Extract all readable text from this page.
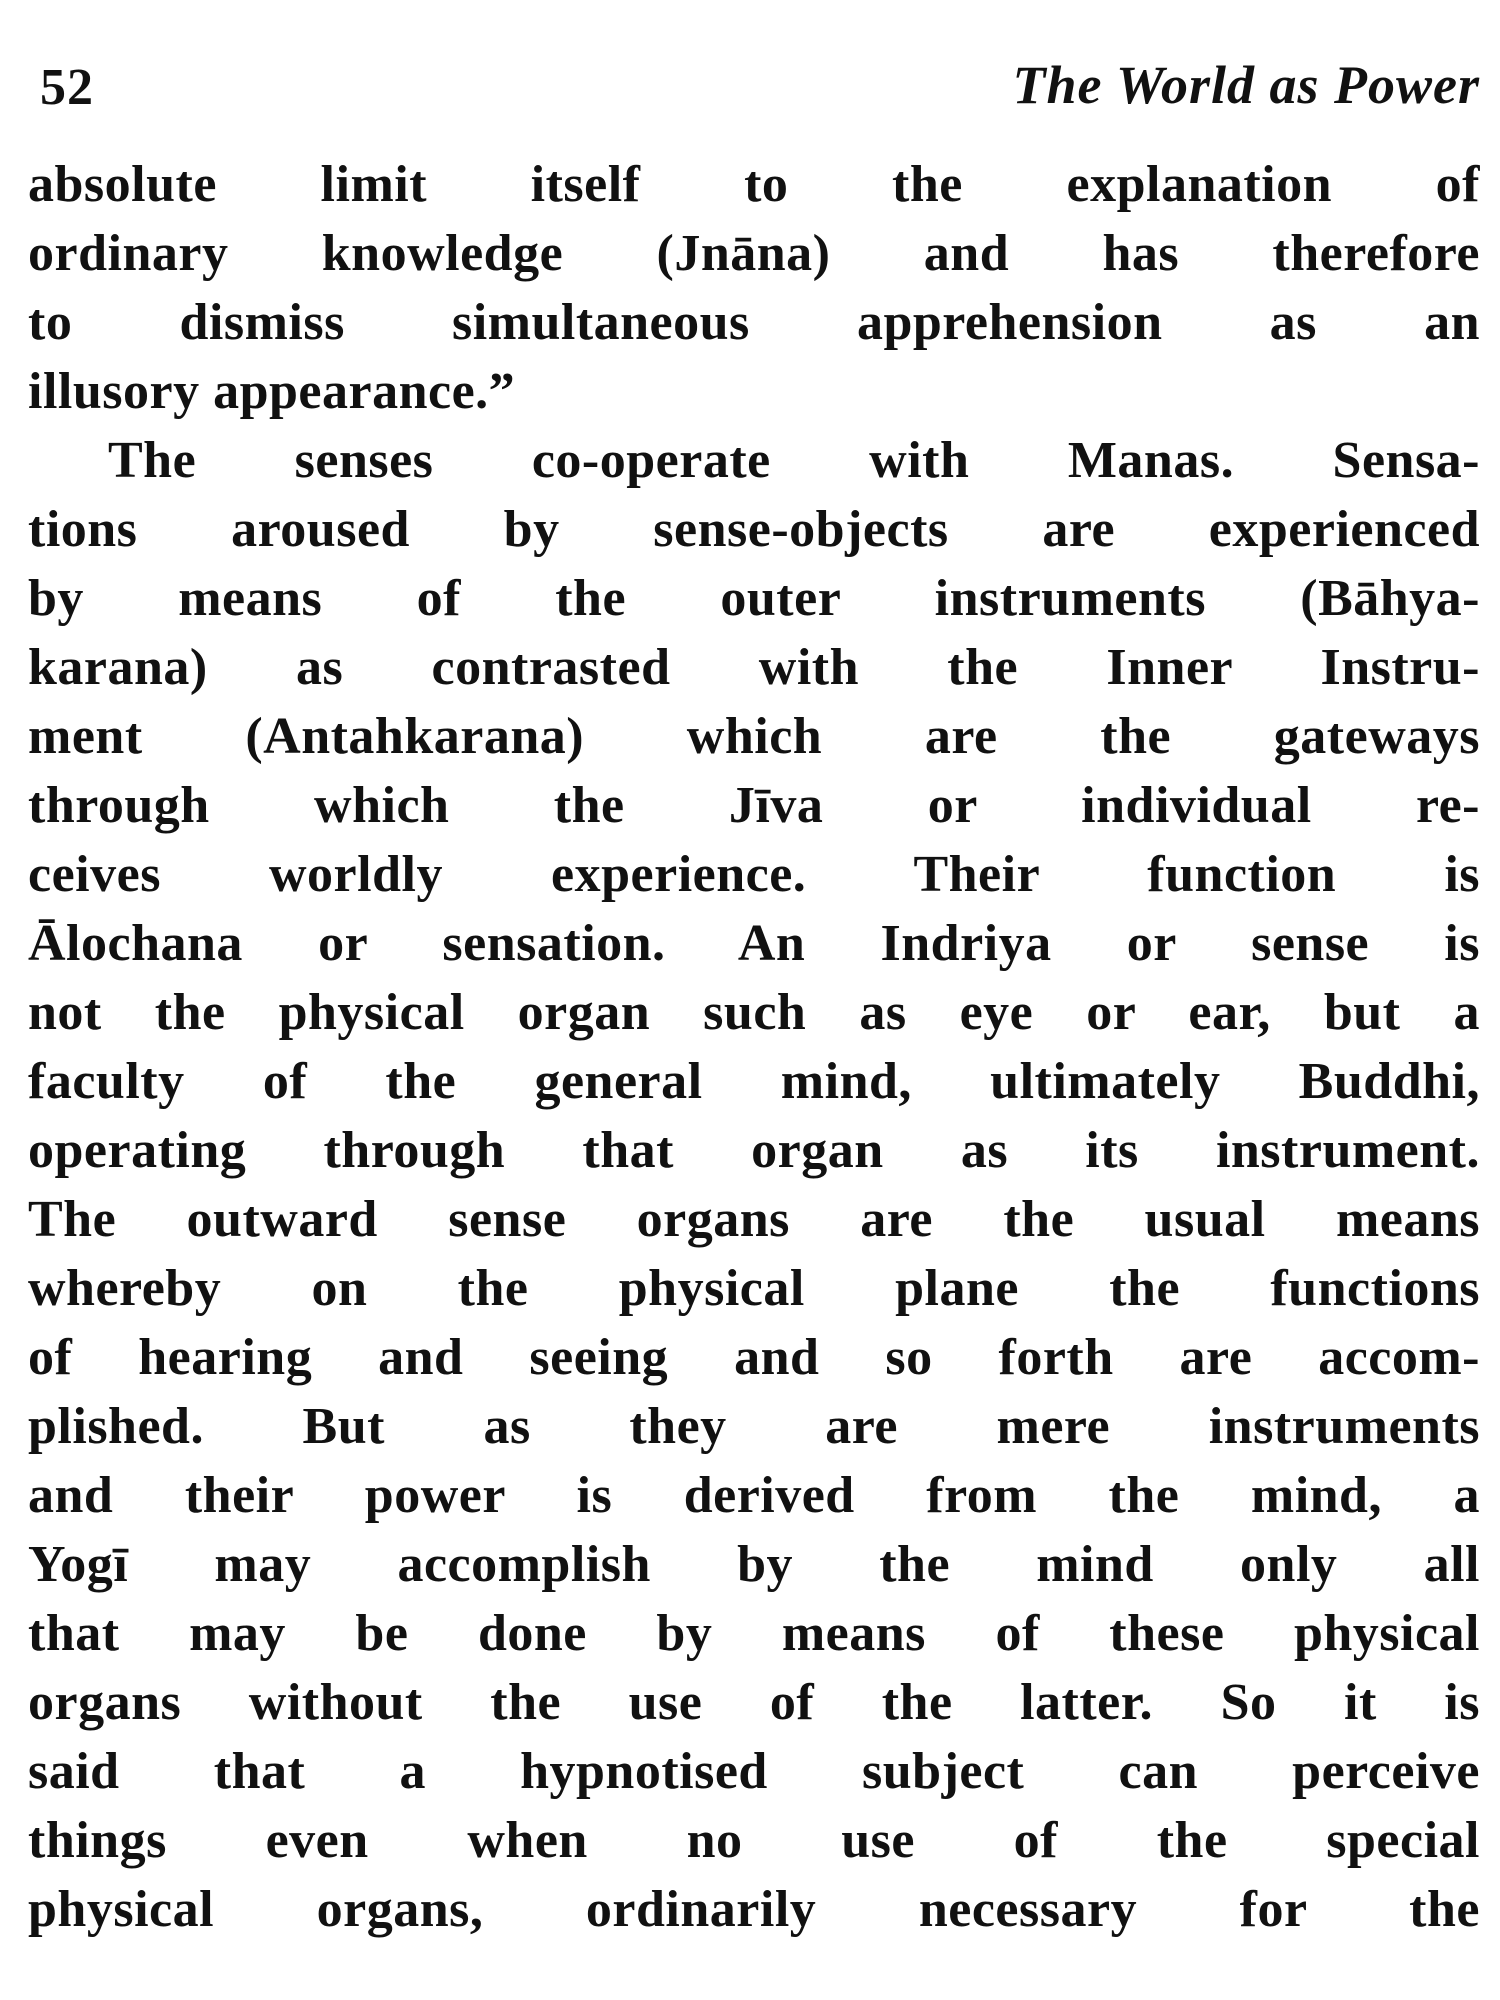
52	The World as Power
absolute limit itself to the explanation of
ordinary knowledge (Jnāna) and has therefore
to dismiss simultaneous apprehension as an
illusory appearance.”
The senses co-operate with Manas. Sensa-
tions aroused by sense-objects are experienced
by means of the outer instruments (Bāhya-
karana) as contrasted with the Inner Instru-
ment (Antahkarana) which are the gateways
through which the Jīva or individual re-
ceives worldly experience. Their function is
Ālochana or sensation. An Indriya or sense is
not the physical organ such as eye or ear, but a
faculty of the general mind, ultimately Buddhi,
operating through that organ as its instrument.
The outward sense organs are the usual means
whereby on the physical plane the functions
of hearing and seeing and so forth are accom-
plished. But as they are mere instruments
and their power is derived from the mind, a
Yogī may accomplish by the mind only all
that may be done by means of these physical
organs without the use of the latter. So it is
said that a hypnotised subject can perceive
things even when no use of the special
physical organs, ordinarily necessary for the
